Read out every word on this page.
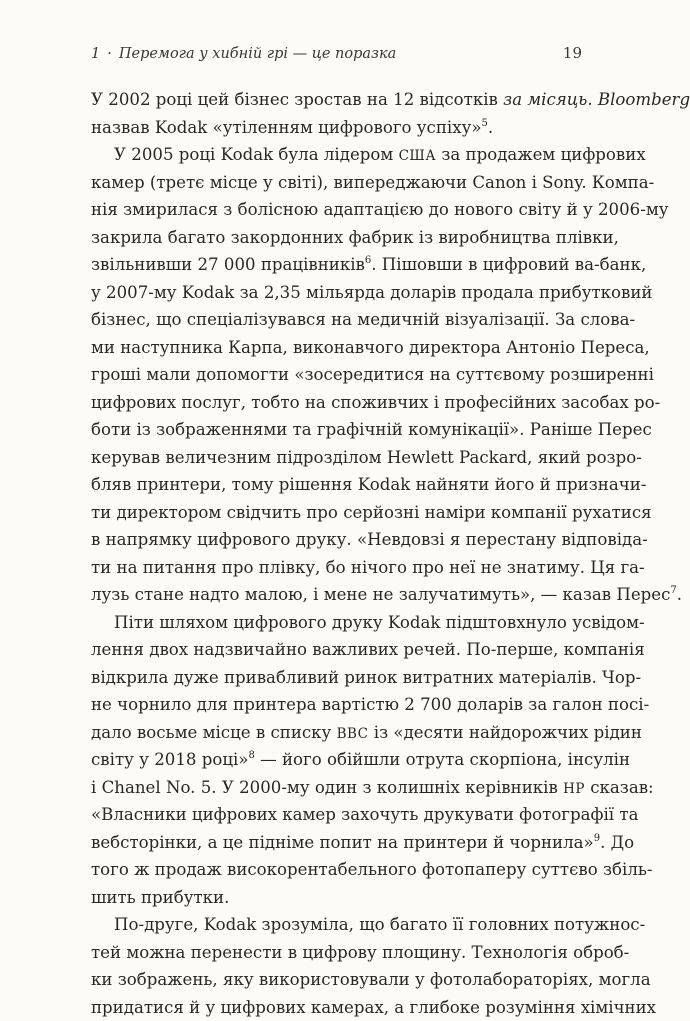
1 · Перемога у хибній грі — це поразка	19
У 2002 році цей бізнес зростав на 12 відсотків за місяць. Bloomberg
назвав Kodak «утіленням цифрового успіху»$^5$.
У 2005 році Kodak була лідером США за продажем цифрових
камер (третє місце у світі), випереджаючи Canon і Sony. Компа-
нія змирилася з болісною адаптацією до нового світу й у 2006-му
закрила багато закордонних фабрик із виробництва плівки,
звільнивши 27 000 працівників$^6$. Пішовши в цифровий ва-банк,
у 2007-му Kodak за 2,35 мільярда доларів продала прибутковий
бізнес, що спеціалізувався на медичній візуалізації. За слова-
ми наступника Карпа, виконавчого директора Антоніо Переса,
гроші мали допомогти «зосередитися на суттєвому розширенні
цифрових послуг, тобто на споживчих і професійних засобах ро-
боти із зображеннями та графічній комунікації». Раніше Перес
керував величезним підрозділом Hewlett Packard, який розро-
бляв принтери, тому рішення Kodak найняти його й призначи-
ти директором свідчить про серйозні наміри компанії рухатися
в напрямку цифрового друку. «Невдовзі я перестану відповіда-
ти на питання про плівку, бо нічого про неї не знатиму. Ця га-
лузь стане надто малою, і мене не залучатимуть», — казав Перес$^7$.
Піти шляхом цифрового друку Kodak підштовхнуло усвідом-
лення двох надзвичайно важливих речей. По-перше, компанія
відкрила дуже привабливий ринок витратних матеріалів. Чор-
не чорнило для принтера вартістю 2 700 доларів за галон посі-
дало восьме місце в списку BBC із «десяти найдорожчих рідин
світу у 2018 році»$^8$ — його обійшли отрута скорпіона, інсулін
і Chanel No. 5. У 2000-му один з колишніх керівників HP сказав:
«Власники цифрових камер захочуть друкувати фотографії та
вебсторінки, а це підніме попит на принтери й чорнила»$^9$. До
того ж продаж високорентабельного фотопаперу суттєво збіль-
шить прибутки.
По-друге, Kodak зрозуміла, що багато її головних потужнос-
тей можна перенести в цифрову площину. Технологія оброб-
ки зображень, яку використовували у фотолабораторіях, могла
придатися й у цифрових камерах, а глибоке розуміння хімічних
